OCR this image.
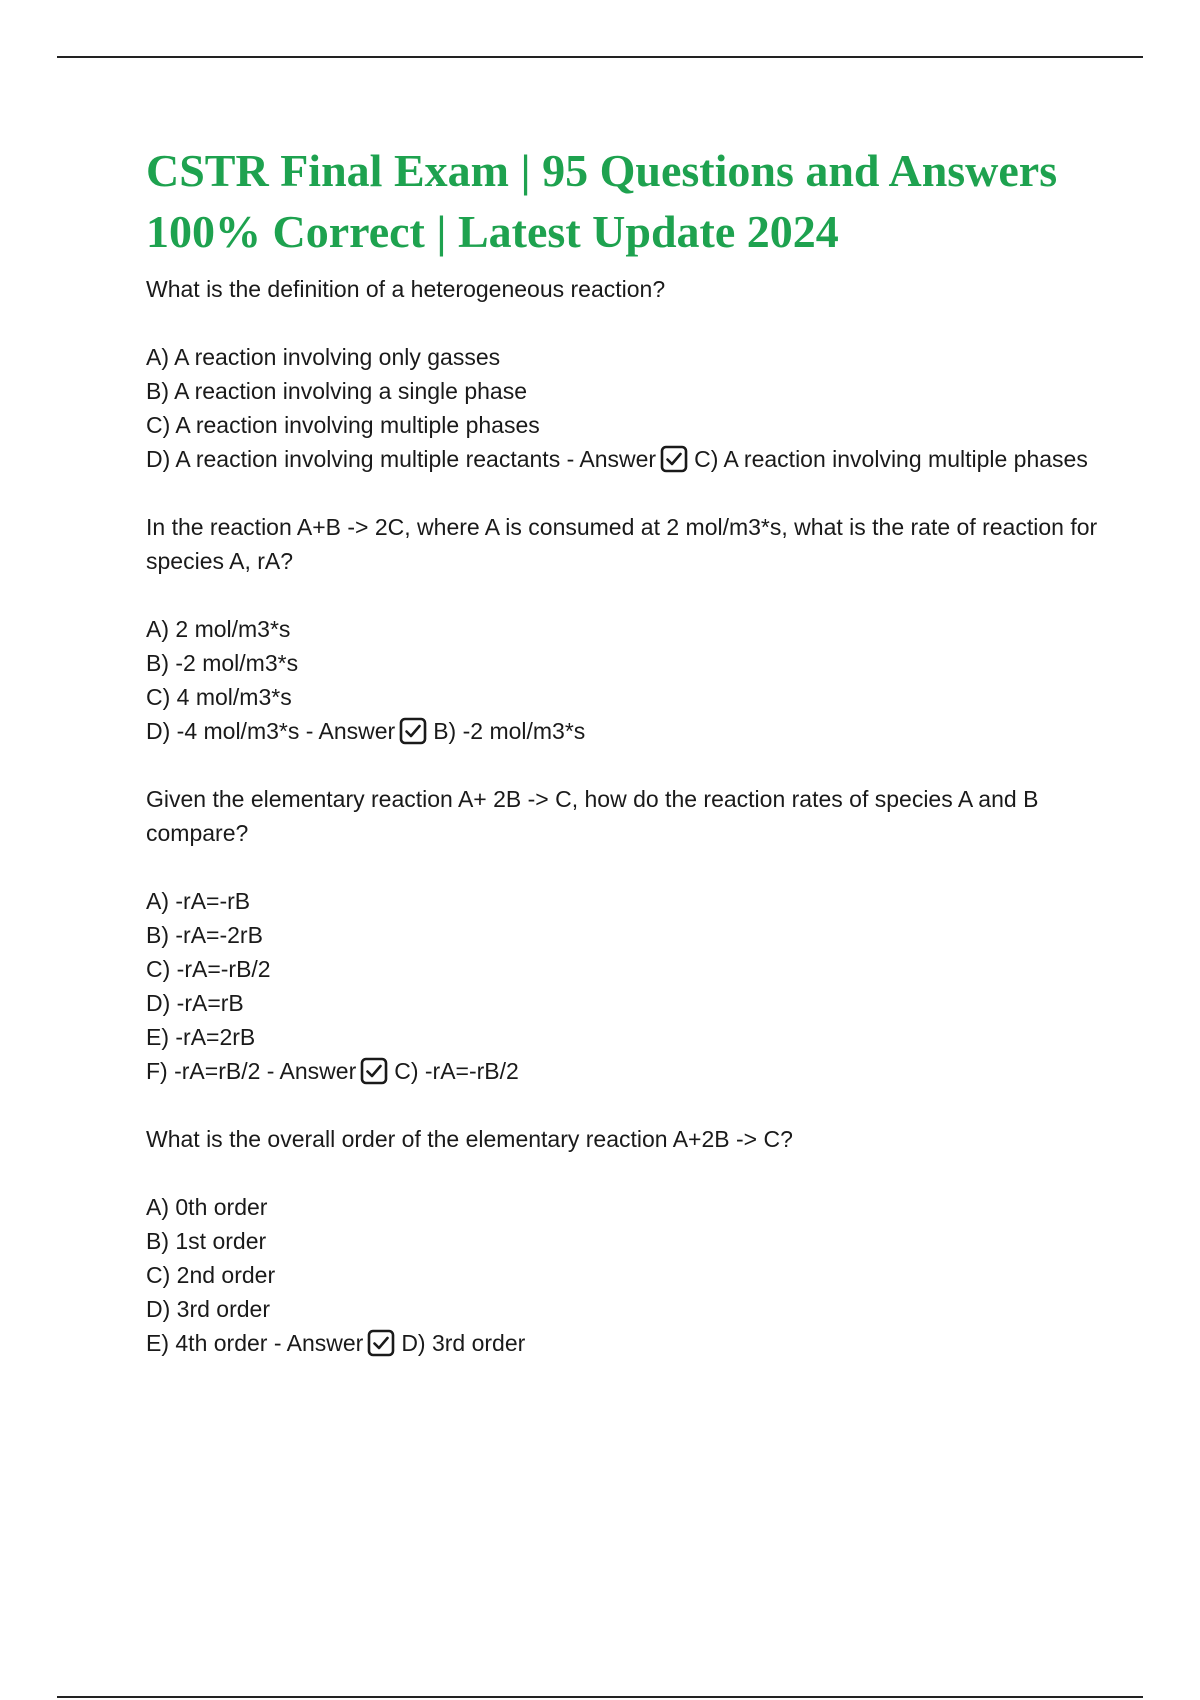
CSTR Final Exam | 95 Questions and Answers 100% Correct | Latest Update 2024

What is the definition of a heterogeneous reaction?

A) A reaction involving only gasses
B) A reaction involving a single phase
C) A reaction involving multiple phases
D) A reaction involving multiple reactants - Answer C) A reaction involving multiple phases

In the reaction A+B -> 2C, where A is consumed at 2 mol/m3*s, what is the rate of reaction for species A, rA?

A) 2 mol/m3*s
B) -2 mol/m3*s
C) 4 mol/m3*s
D) -4 mol/m3*s - Answer B) -2 mol/m3*s

Given the elementary reaction A+ 2B -> C, how do the reaction rates of species A and B compare?

A) -rA=-rB
B) -rA=-2rB
C) -rA=-rB/2
D) -rA=rB
E) -rA=2rB
F) -rA=rB/2 - Answer C) -rA=-rB/2

What is the overall order of the elementary reaction A+2B -> C?

A) 0th order
B) 1st order
C) 2nd order
D) 3rd order
E) 4th order - Answer D) 3rd order
